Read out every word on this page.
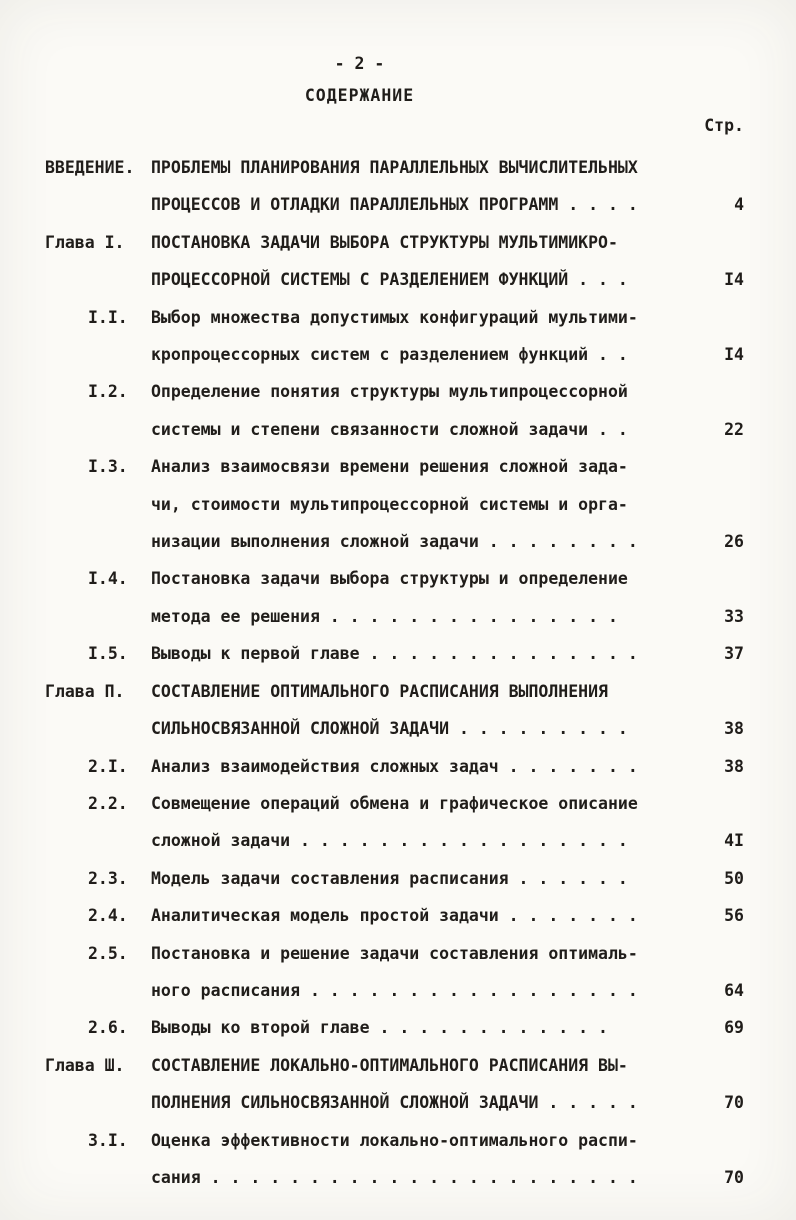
- 2 -
СОДЕРЖАНИЕ
Стр.
ВВЕДЕНИЕ.	ПРОБЛЕМЫ ПЛАНИРОВАНИЯ ПАРАЛЛЕЛЬНЫХ ВЫЧИСЛИТЕЛЬНЫХ
ПРОЦЕССОВ И ОТЛАДКИ ПАРАЛЛЕЛЬНЫХ ПРОГРАММ . . . .	4
Глава I.	ПОСТАНОВКА ЗАДАЧИ ВЫБОРА СТРУКТУРЫ МУЛЬТИМИКРО-
ПРОЦЕССОРНОЙ СИСТЕМЫ С РАЗДЕЛЕНИЕМ ФУНКЦИЙ . . .	I4
I.I.	Выбор множества допустимых конфигураций мультими-
кропроцессорных систем с разделением функций . .	I4
I.2.	Определение понятия структуры мультипроцессорной
системы и степени связанности сложной задачи . .	22
I.3.	Анализ взаимосвязи времени решения сложной зада-
чи, стоимости мультипроцессорной системы и орга-
низации выполнения сложной задачи . . . . . . . .	26
I.4.	Постановка задачи выбора структуры и определение
метода ее решения . . . . . . . . . . . . . . .	33
I.5.	Выводы к первой главе . . . . . . . . . . . . . .	37
Глава П.	СОСТАВЛЕНИЕ ОПТИМАЛЬНОГО РАСПИСАНИЯ ВЫПОЛНЕНИЯ
СИЛЬНОСВЯЗАННОЙ СЛОЖНОЙ ЗАДАЧИ . . . . . . . . .	38
2.I.	Анализ взаимодействия сложных задач . . . . . . .	38
2.2.	Совмещение операций обмена и графическое описание
сложной задачи . . . . . . . . . . . . . . . . .	4I
2.3.	Модель задачи составления расписания . . . . . .	50
2.4.	Аналитическая модель простой задачи . . . . . . .	56
2.5.	Постановка и решение задачи составления оптималь-
ного расписания . . . . . . . . . . . . . . . . .	64
2.6.	Выводы ко второй главе . . . . . . . . . . . .	69
Глава Ш.	СОСТАВЛЕНИЕ ЛОКАЛЬНО-ОПТИМАЛЬНОГО РАСПИСАНИЯ ВЫ-
ПОЛНЕНИЯ СИЛЬНОСВЯЗАННОЙ СЛОЖНОЙ ЗАДАЧИ . . . . .	70
3.I.	Оценка эффективности локально-оптимального распи-
сания . . . . . . . . . . . . . . . . . . . . . .	70
